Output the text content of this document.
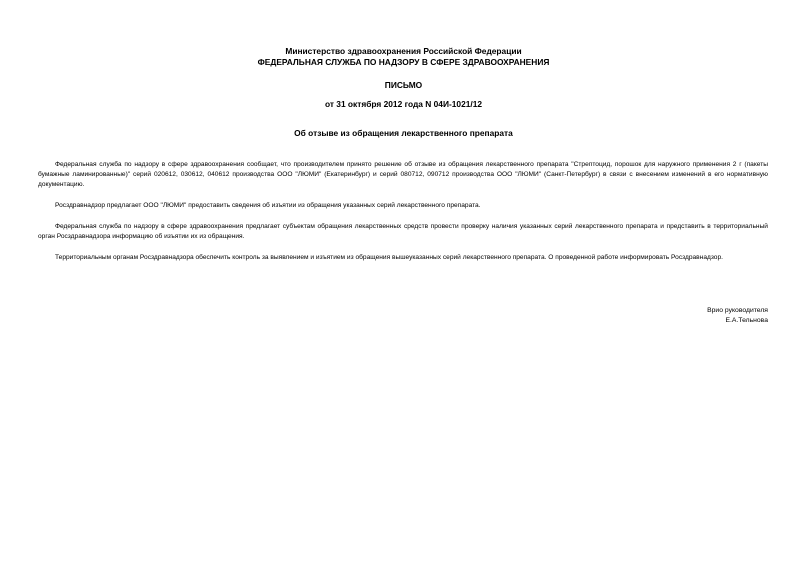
Министерство здравоохранения Российской Федерации
ФЕДЕРАЛЬНАЯ СЛУЖБА ПО НАДЗОРУ В СФЕРЕ ЗДРАВООХРАНЕНИЯ
ПИСЬМО
от 31 октября 2012 года N 04И-1021/12
Об отзыве из обращения лекарственного препарата

Федеральная служба по надзору в сфере здравоохранения сообщает, что производителем принято решение об отзыве из обращения лекарственного препарата "Стрептоцид, порошок для наружного применения 2 г (пакеты бумажные ламинированные)" серий 020612, 030612, 040612 производства ООО "ЛЮМИ" (Екатеринбург) и серий 080712, 090712 производства ООО "ЛЮМИ" (Санкт-Петербург) в связи с внесением изменений в его нормативную документацию.

Росздравнадзор предлагает ООО "ЛЮМИ" предоставить сведения об изъятии из обращения указанных серий лекарственного препарата.

Федеральная служба по надзору в сфере здравоохранения предлагает субъектам обращения лекарственных средств провести проверку наличия указанных серий лекарственного препарата и представить в территориальный орган Росздравнадзора информацию об изъятии их из обращения.

Территориальным органам Росздравнадзора обеспечить контроль за выявлением и изъятием из обращения вышеуказанных серий лекарственного препарата. О проведенной работе информировать Росздравнадзор.

Врио руководителя
Е.А.Тельнова
